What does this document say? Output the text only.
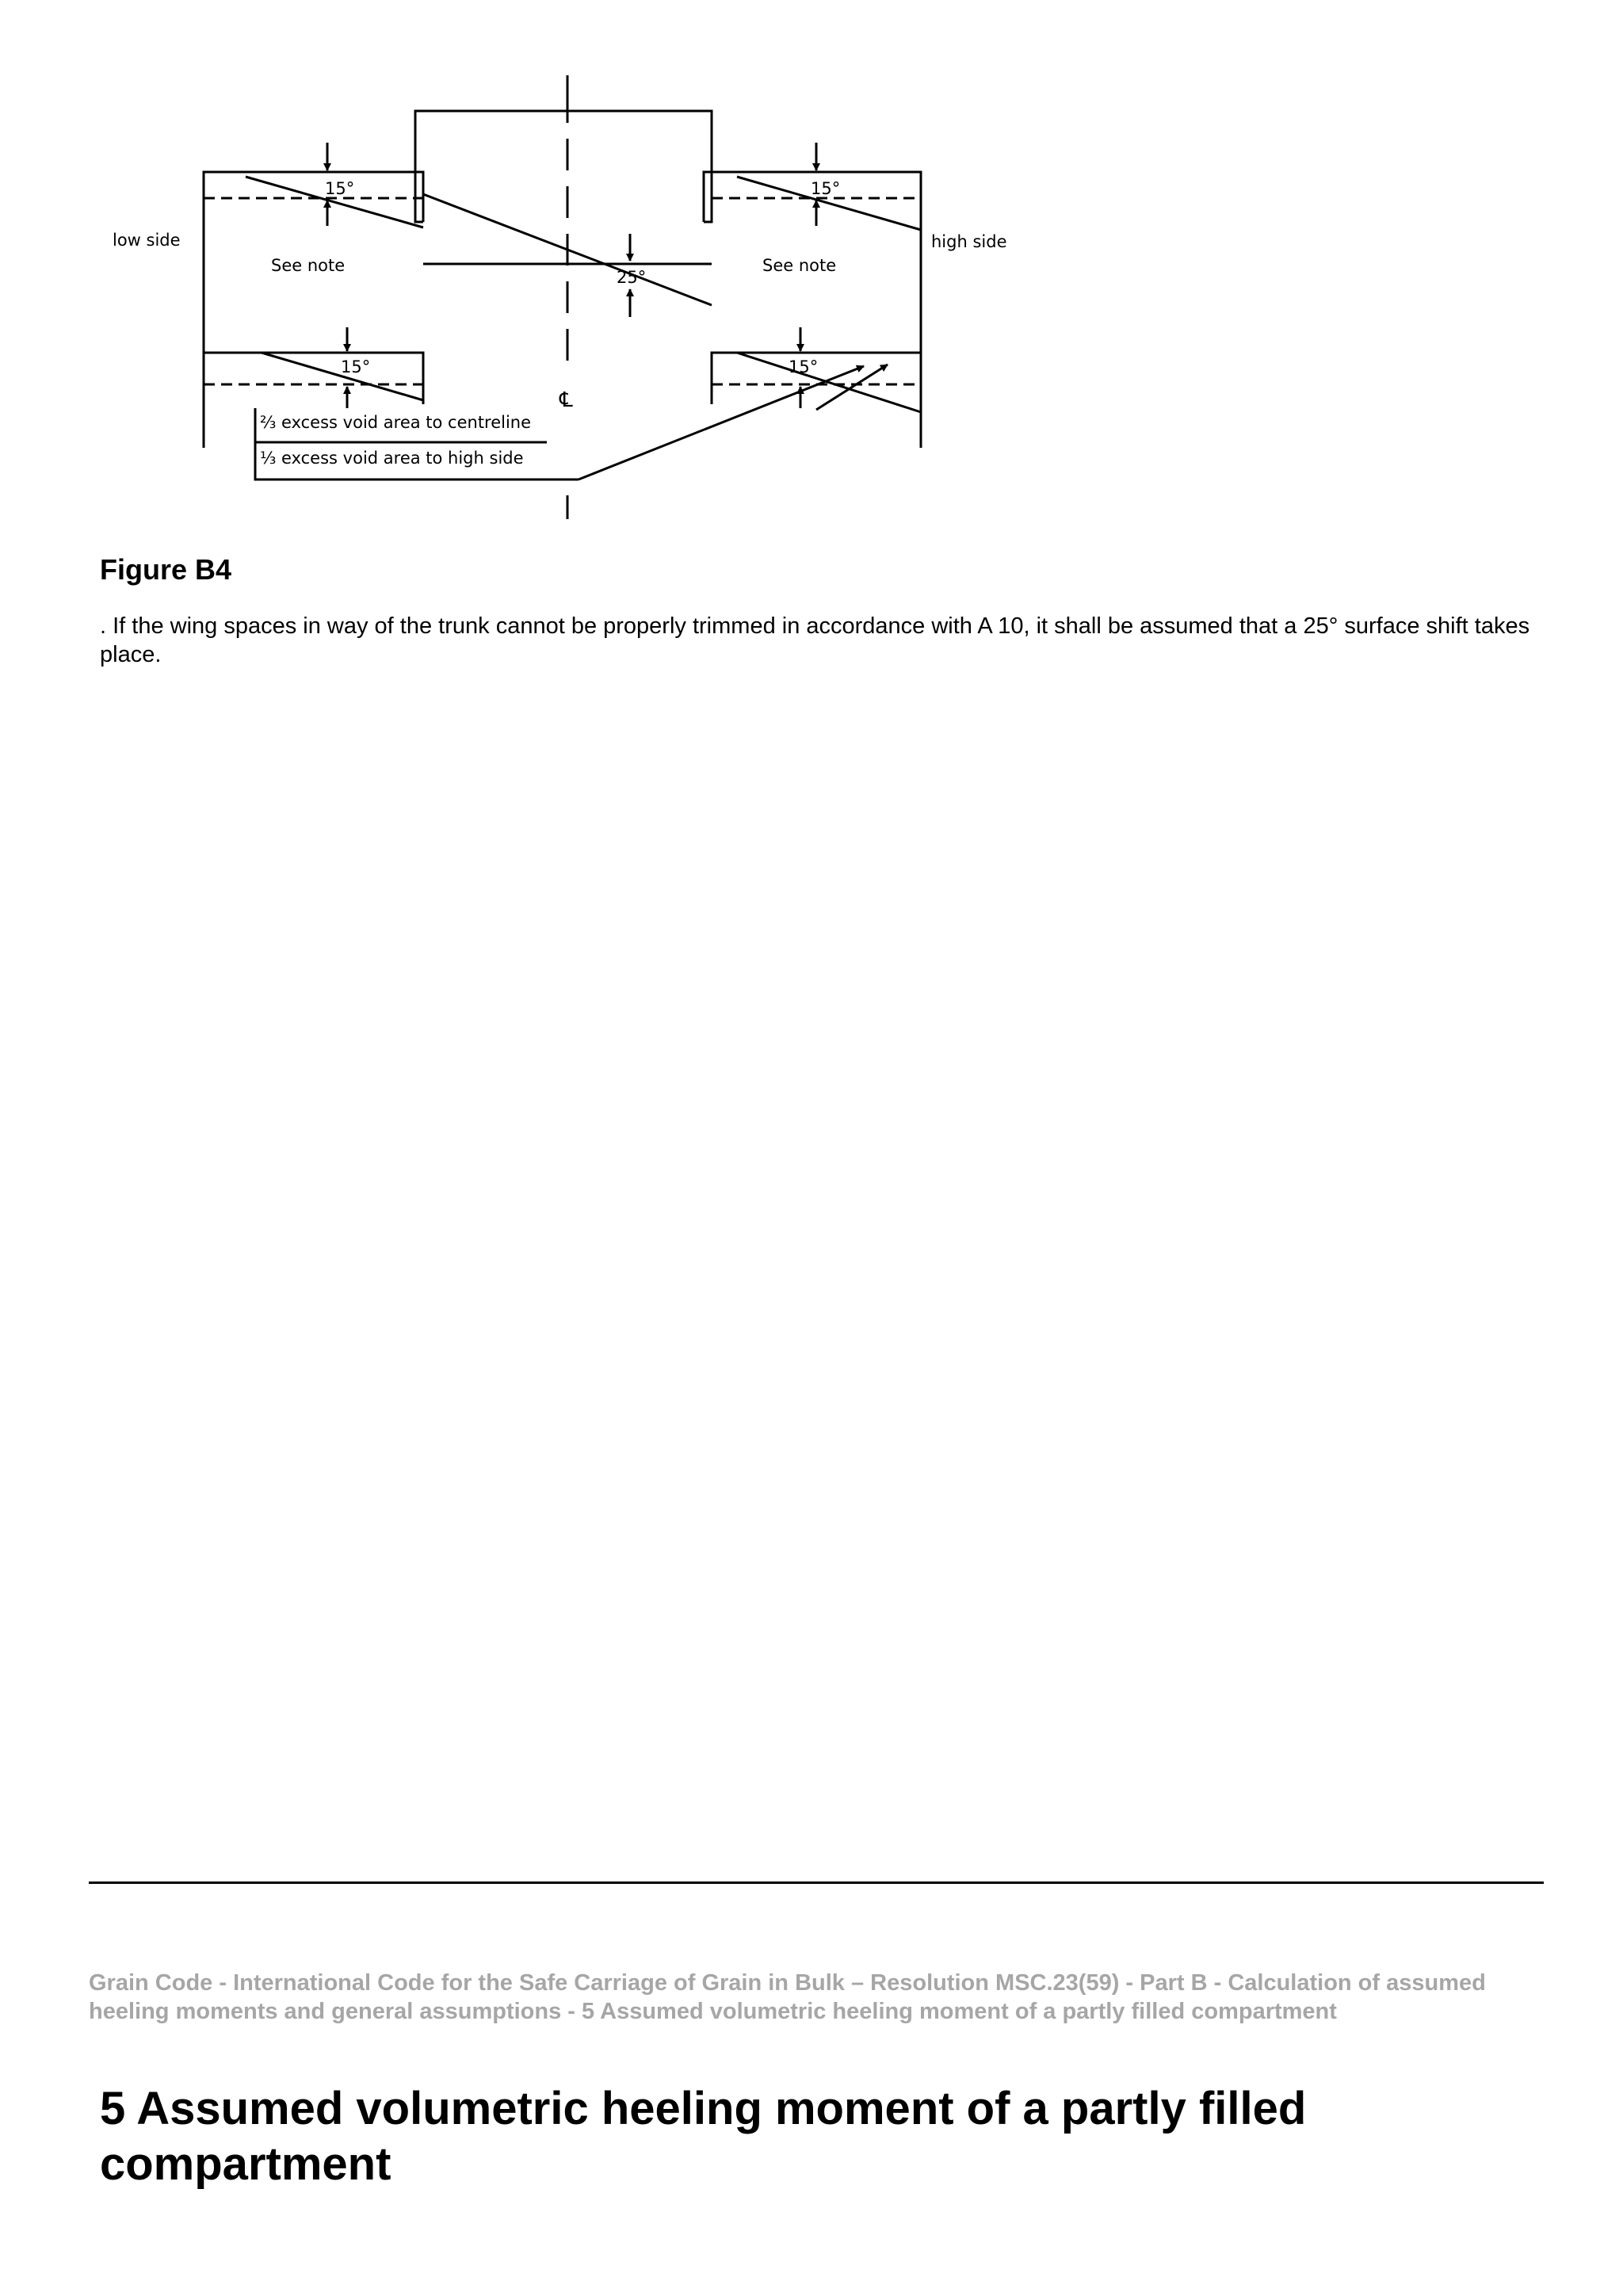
low side	high side
See note	See note
15°	15°
25°
15°	15°
℄
⅔ excess void area to centreline
⅓ excess void area to high side

Figure B4

. If the wing spaces in way of the trunk cannot be properly trimmed in accordance with A 10, it shall be assumed that a 25° surface shift takes place.

Grain Code - International Code for the Safe Carriage of Grain in Bulk – Resolution MSC.23(59) - Part B - Calculation of assumed heeling moments and general assumptions - 5 Assumed volumetric heeling moment of a partly filled compartment

5 Assumed volumetric heeling moment of a partly filled compartment
